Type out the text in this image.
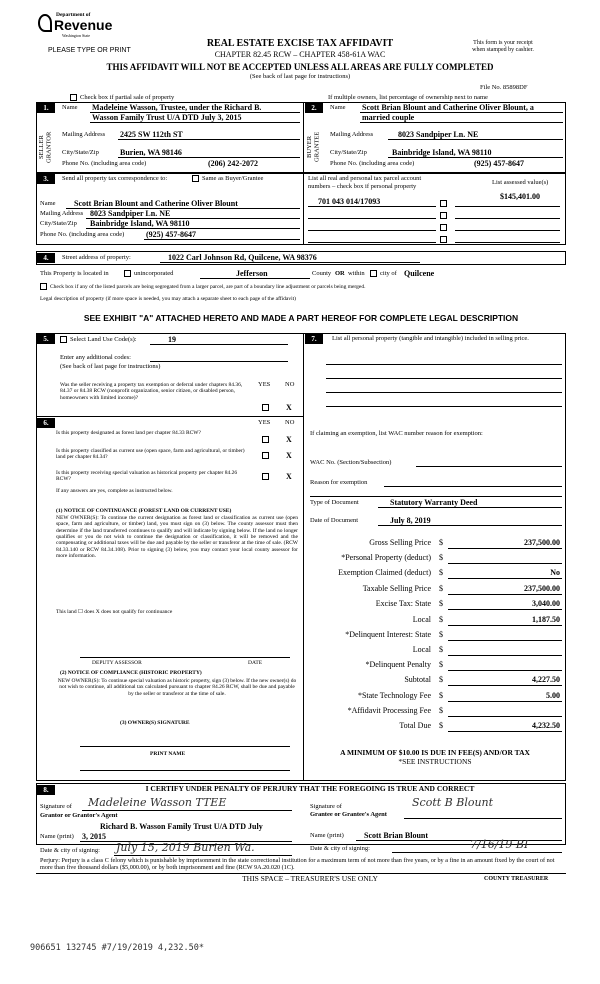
Department of
Revenue
Washington State
PLEASE TYPE OR PRINT
REAL ESTATE EXCISE TAX AFFIDAVIT
CHAPTER 82.45 RCW – CHAPTER 458-61A WAC
This form is your receipt
when stamped by cashier.
THIS AFFIDAVIT WILL NOT BE ACCEPTED UNLESS ALL AREAS ARE FULLY COMPLETED
(See back of last page for instructions)
File No. 85898DF
Check box if partial sale of property	If multiple owners, list percentage of ownership next to name
1.
SELLER GRANTOR
Name Madeleine Wasson, Trustee, under the Richard B.
Wasson Family Trust U/A DTD July 3, 2015
Mailing Address 2425 SW 112th ST
City/State/Zip	Burien, WA 98146
Phone No. (including area code)	(206) 242-2072
2.
BUYER GRANTEE
Name Scott Brian Blount and Catherine Oliver Blount, a
married couple
Mailing Address	8023 Sandpiper Ln. NE
City/State/Zip	Bainbridge Island, WA 98110
Phone No. (including area code)	(925) 457-8647
3.	Send all property tax correspondence to:	Same as Buyer/Grantee	List all real and personal tax parcel account
numbers – check box if personal property
List assessed value(s)
$145,401.00
701 043 014/17093
Name Scott Brian Blount and Catherine Oliver Blount
Mailing Address 8023 Sandpiper Ln. NE
City/State/Zip Bainbridge Island, WA 98110
Phone No. (including area code)	(925) 457-8647
4.	Street address of property:	1022 Carl Johnson Rd, Quilcene, WA 98376
This Property is located in	unincorporated	Jefferson	County OR within city of Quilcene
Check box if any of the listed parcels are being segregated from a larger parcel, are part of a boundary line adjustment or parcels being merged.
Legal description of property (if more space is needed, you may attach a separate sheet to each page of the affidavit)
SEE EXHIBIT "A" ATTACHED HERETO AND MADE A PART HEREOF FOR COMPLETE LEGAL DESCRIPTION
5.	Select Land Use Code(s):	19
Enter any additional codes:
(See back of last page for instructions)
YES NO
Was the seller receiving a property tax exemption or deferral under chapters 84.36, 84.37 or 84.38 RCW (nonprofit organization, senior citizen, or disabled person, homeowners with limited income)?
X
6.	YES NO
Is this property designated as forest land per chapter 84.33 RCW?
X
Is this property classified as current use (open space, farm and agricultural, or timber) land per chapter 84.34?	X
Is this property receiving special valuation as historical property per chapter 84.26 RCW?	X
If any answers are yes, complete as instructed below.
(1) NOTICE OF CONTINUANCE (FOREST LAND OR CURRENT USE)
NEW OWNER(S): To continue the current designation as forest land or classification as current use (open space, farm and agriculture, or timber) land, you must sign on (3) below. The county assessor must then determine if the land transferred continues to qualify and will indicate by signing below. If the land no longer qualifies or you do not wish to continue the designation or classification, it will be removed and the compensating or additional taxes will be due and payable by the seller or transferor at the time of sale. (RCW 84.33.140 or RCW 84.34.108). Prior to signing (3) below, you may contact your local county assessor for more information.
This land ☐ does X does not qualify for continuance
DEPUTY ASSESSOR	DATE
(2) NOTICE OF COMPLIANCE (HISTORIC PROPERTY)
NEW OWNER(S): To continue special valuation as historic property, sign (3) below. If the new owner(s) do not wish to continue, all additional tax calculated pursuant to chapter 84.26 RCW, shall be due and payable by the seller or transferor at the time of sale.
(3) OWNER(S) SIGNATURE
PRINT NAME
7.	List all personal property (tangible and intangible) included in selling price.
If claiming an exemption, list WAC number reason for exemption:
WAC No. (Section/Subsection)
Reason for exemption
Type of Document	Statutory Warranty Deed
Date of Document	July 8, 2019
Gross Selling Price $	237,500.00
*Personal Property (deduct) $
Exemption Claimed (deduct) $	No
Taxable Selling Price $	237,500.00
Excise Tax: State $	3,040.00
Local $	1,187.50
*Delinquent Interest: State $
Local $
*Delinquent Penalty $
Subtotal $	4,227.50
*State Technology Fee $	5.00
*Affidavit Processing Fee $
Total Due $	4,232.50
A MINIMUM OF $10.00 IS DUE IN FEE(S) AND/OR TAX
*SEE INSTRUCTIONS
8.	I CERTIFY UNDER PENALTY OF PERJURY THAT THE FOREGOING IS TRUE AND CORRECT
Signature of Madeleine Wasson TTEE
Grantor or Grantor's Agent
Richard B. Wasson Family Trust U/A DTD July
Name (print) 3, 2015
Signature of	Scott B Blount
Grantee or Grantee's Agent
Name (print)	Scott Brian Blount
Date & city of signing: July 15, 2019 Burien Wa.	Date & city of signing:	7/16/19 BI
Perjury: Perjury is a class C felony which is punishable by imprisonment in the state correctional institution for a maximum term of not more than five years, or by a fine in an amount fixed by the court of not more than five thousand dollars ($5,000.00), or by both imprisonment and fine (RCW 9A.20.020 (1C).
THIS SPACE – TREASURER'S USE ONLY	COUNTY TREASURER
906651 132745 #7/19/2019 4,232.50*
